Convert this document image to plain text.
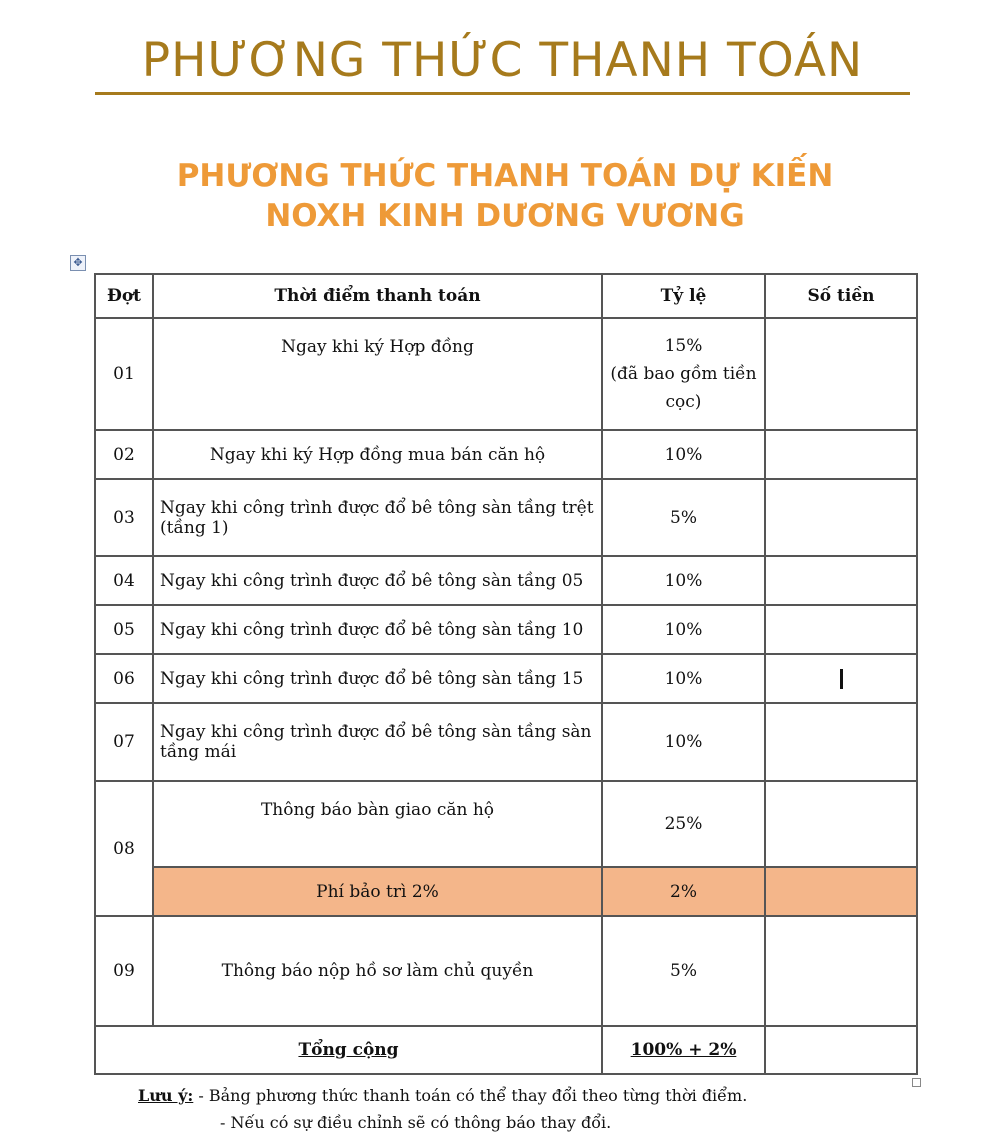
PHƯƠNG THỨC THANH TOÁN
PHƯƠNG THỨC THANH TOÁN DỰ KIẾN
NOXH KINH DƯƠNG VƯƠNG
✥
Đợt	Thời điểm thanh toán	Tỷ lệ	Số tiền
01	Ngay khi ký Hợp đồng	15%
(đã bao gồm tiền cọc)	

02	Ngay khi ký Hợp đồng mua bán căn hộ	10%	
03	Ngay khi công trình được đổ bê tông sàn tầng trệt (tầng 1)	5%	
04	Ngay khi công trình được đổ bê tông sàn tầng 05	10%	
05	Ngay khi công trình được đổ bê tông sàn tầng 10	10%	
06	Ngay khi công trình được đổ bê tông sàn tầng 15	10%	
07	Ngay khi công trình được đổ bê tông sàn tầng sàn tầng mái	10%	
08	Thông báo bàn giao căn hộ	25%	
	Phí bảo trì 2%	2%	
09	Thông báo nộp hồ sơ làm chủ quyền	5%	
Tổng cộng		100% + 2%	
Lưu ý: - Bảng phương thức thanh toán có thể thay đổi theo từng thời điểm.
- Nếu có sự điều chỉnh sẽ có thông báo thay đổi.
